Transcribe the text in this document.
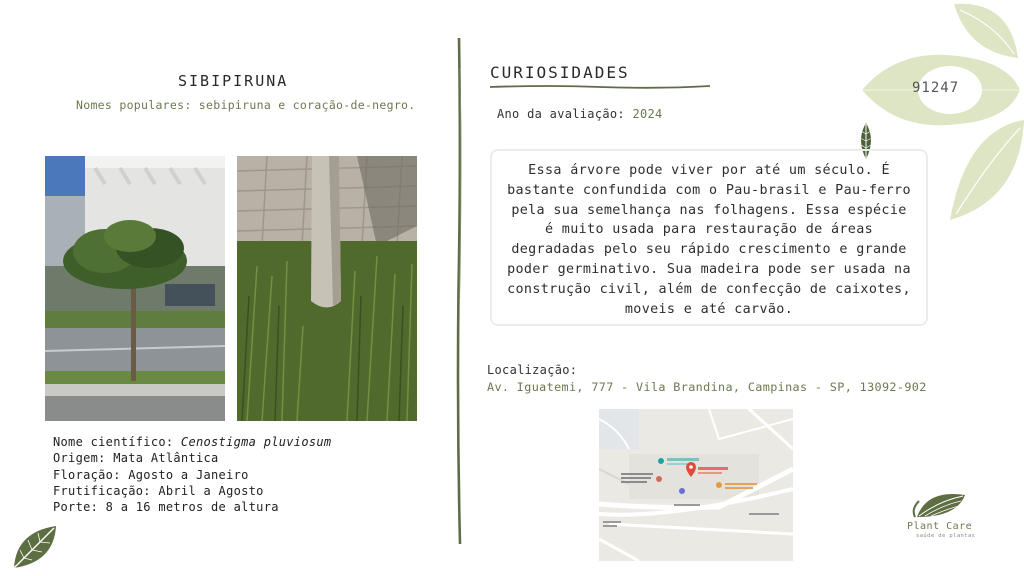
SIBIPIRUNA
Nomes populares: sebipiruna e coração-de-negro.
Nome científico: Cenostigma pluviosum
Origem: Mata Atlântica
Floração: Agosto a Janeiro
Frutificação: Abril a Agosto
Porte: 8 a 16 metros de altura
CURIOSIDADES
Ano da avaliação: 2024
Essa árvore pode viver por até um século. É bastante confundida com o Pau-brasil e Pau-ferro pela sua semelhança nas folhagens. Essa espécie é muito usada para restauração de áreas degradadas pelo seu rápido crescimento e grande poder germinativo. Sua madeira pode ser usada na construção civil, além de confecção de caixotes, moveis e até carvão.
Localização:
Av. Iguatemi, 777 - Vila Brandina, Campinas - SP, 13092-902
91247
Plant Care
saúde de plantas
